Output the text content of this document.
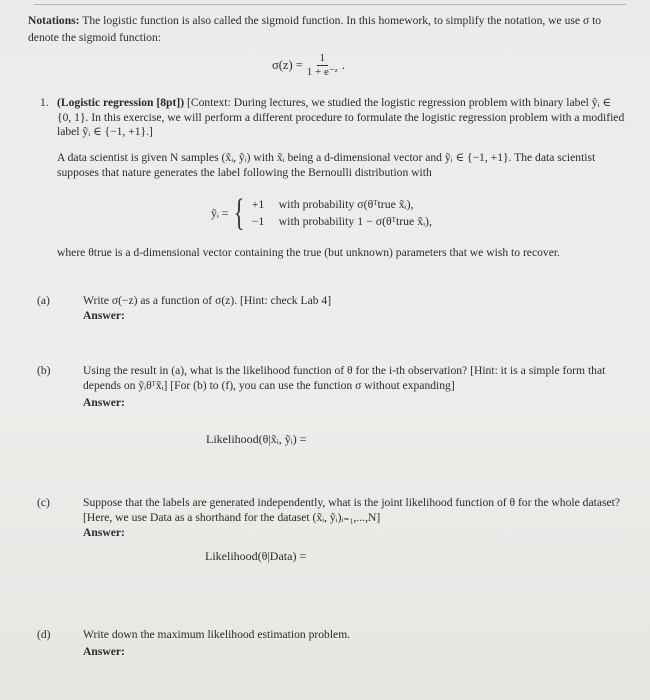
Notations: The logistic function is also called the sigmoid function. In this homework, to simplify the notation, we use σ to denote the sigmoid function:
$\sigma(z) = \frac{1}{\text{1 + e⁻ᶻ}}$ .
1. (Logistic regression [8pt]) [Context: During lectures, we studied the logistic regression problem with binary label ỹᵢ ∈ {0, 1}. In this exercise, we will perform a different procedure to formulate the logistic regression problem with a modified label ỹᵢ ∈ {−1, +1}.]
A data scientist is given N samples (x̃ᵢ, ỹᵢ) with x̃ᵢ being a d-dimensional vector and ỹᵢ ∈ {−1, +1}. The data scientist supposes that nature generates the label following the Bernoulli distribution with
ỹᵢ = { +1 with probability σ(θᵀtrue x̃ᵢ),
−1 with probability 1 − σ(θᵀtrue x̃ᵢ),
where θtrue is a d-dimensional vector containing the true (but unknown) parameters that we wish to recover.
(a)	Write σ(−z) as a function of σ(z). [Hint: check Lab 4]
Answer:
(b)	Using the result in (a), what is the likelihood function of θ for the i-th observation? [Hint: it is a simple form that depends on ỹᵢθᵀx̃ᵢ] [For (b) to (f), you can use the function σ without expanding]
Answer:
Likelihood(θ|x̃ᵢ, ỹᵢ) =
(c)	Suppose that the labels are generated independently, what is the joint likelihood function of θ for the whole dataset? [Here, we use Data as a shorthand for the dataset (x̃ᵢ, ỹᵢ)ᵢ₌₁,...,N]
Answer:
Likelihood(θ|Data) =
(d)	Write down the maximum likelihood estimation problem.
Answer:
